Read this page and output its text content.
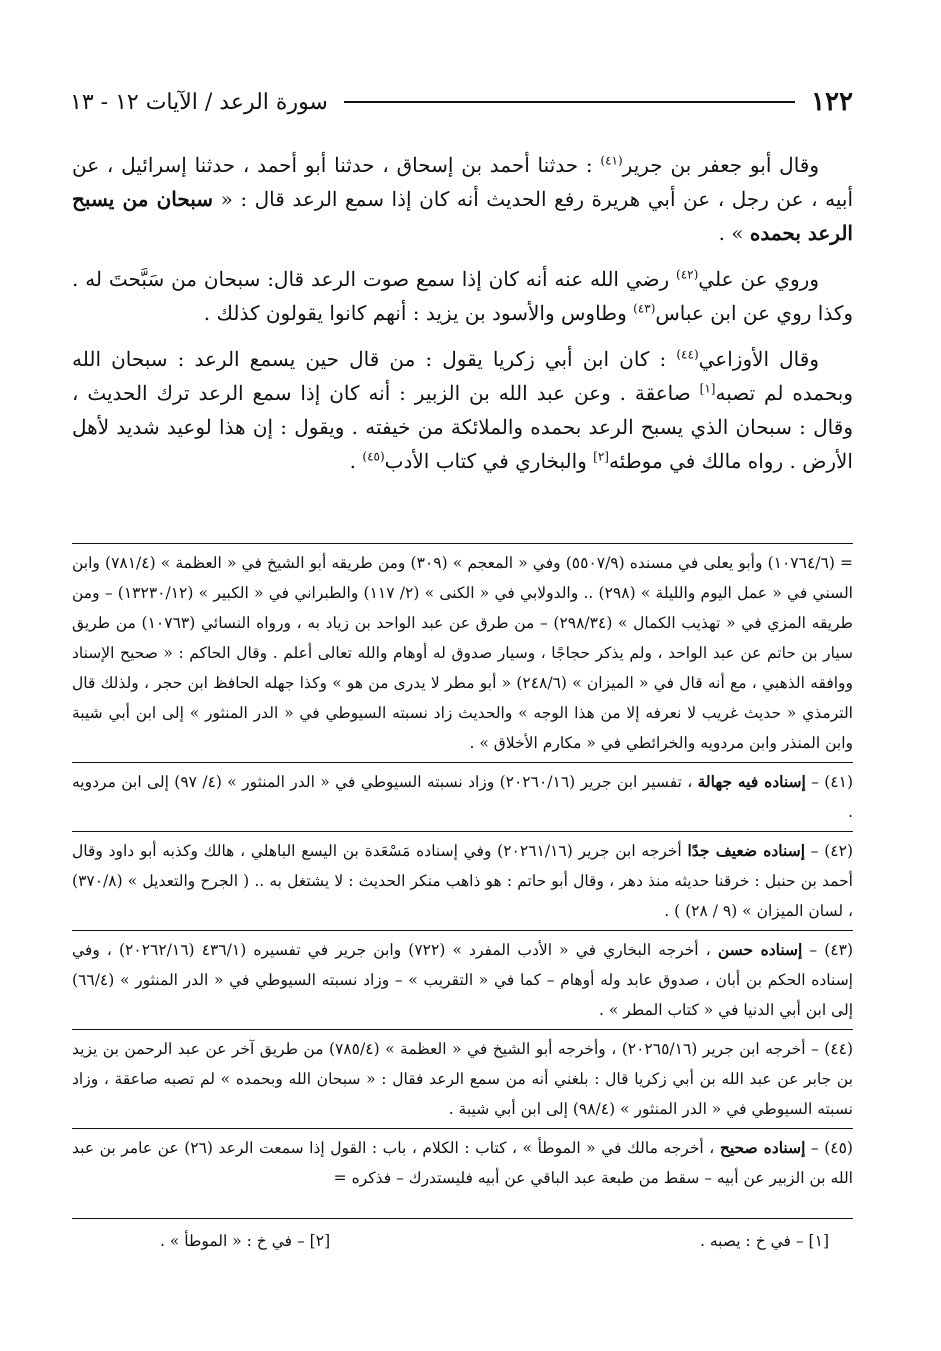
١٢٢
سورة الرعد / الآيات ١٢ - ١٣

وقال أبو جعفر بن جرير$^{(٤١)}$ : حدثنا أحمد بن إسحاق ، حدثنا أبو أحمد ، حدثنا إسرائيل ، عن أبيه ، عن رجل ، عن أبي هريرة رفع الحديث أنه كان إذا سمع الرعد قال : « سبحان من يسبح الرعد بحمده » .

وروي عن علي$^{(٤٢)}$ رضي الله عنه أنه كان إذا سمع صوت الرعد قال: سبحان من سَبَّحتَ له . وكذا روي عن ابن عباس$^{(٤٣)}$ وطاوس والأسود بن يزيد : أنهم كانوا يقولون كذلك .

وقال الأوزاعي$^{(٤٤)}$ : كان ابن أبي زكريا يقول : من قال حين يسمع الرعد : سبحان الله وبحمده لم تصبه[١] صاعقة . وعن عبد الله بن الزبير : أنه كان إذا سمع الرعد ترك الحديث ، وقال : سبحان الذي يسبح الرعد بحمده والملائكة من خيفته . ويقول : إن هذا لوعيد شديد لأهل الأرض . رواه مالك في موطئه[٢] والبخاري في كتاب الأدب$^{(٤٥)}$ .

= (١٠٧٦٤/٦) وأبو يعلى في مسنده (٥٥٠٧/٩) وفي « المعجم » (٣٠٩) ومن طريقه أبو الشيخ في « العظمة » (٧٨١/٤) وابن السني في « عمل اليوم والليلة » (٢٩٨) .. والدولابي في « الكنى » (٢/ ١١٧) والطبراني في « الكبير » (١٣٢٣٠/١٢) – ومن طريقه المزي في « تهذيب الكمال » (٢٩٨/٣٤) – من طرق عن عبد الواحد بن زياد به ، ورواه النسائي (١٠٧٦٣) من طريق سيار بن حاتم عن عبد الواحد ، ولم يذكر حجاجًا ، وسيار صدوق له أوهام والله تعالى أعلم . وقال الحاكم : « صحيح الإسناد ووافقه الذهبي ، مع أنه قال في « الميزان » (٢٤٨/٦) « أبو مطر لا يدرى من هو » وكذا جهله الحافظ ابن حجر ، ولذلك قال الترمذي « حديث غريب لا نعرفه إلا من هذا الوجه » والحديث زاد نسبته السيوطي في « الدر المنثور » إلى ابن أبي شيبة وابن المنذر وابن مردويه والخرائطي في « مكارم الأخلاق » .

(٤١) – إسناده فيه جهالة ، تفسير ابن جرير (٢٠٢٦٠/١٦) وزاد نسبته السيوطي في « الدر المنثور » (٤/ ٩٧) إلى ابن مردويه .

(٤٢) – إسناده ضعيف جدًا أخرجه ابن جرير (٢٠٢٦١/١٦) وفي إسناده مَسْعَدة بن اليسع الباهلي ، هالك وكذبه أبو داود وقال أحمد بن حنبل : خرقنا حديثه منذ دهر ، وقال أبو حاتم : هو ذاهب منكر الحديث : لا يشتغل به .. ( الجرح والتعديل » (٣٧٠/٨) ، لسان الميزان » (٩ / ٢٨) ) .

(٤٣) – إسناده حسن ، أخرجه البخاري في « الأدب المفرد » (٧٢٢) وابن جرير في تفسيره (٤٣٦/١ (٢٠٢٦٢/١٦) ، وفي إسناده الحكم بن أبان ، صدوق عابد وله أوهام – كما في « التقريب » – وزاد نسبته السيوطي في « الدر المنثور » (٦٦/٤) إلى ابن أبي الدنيا في « كتاب المطر » .

(٤٤) – أخرجه ابن جرير (٢٠٢٦٥/١٦) ، وأخرجه أبو الشيخ في « العظمة » (٧٨٥/٤) من طريق آخر عن عبد الرحمن بن يزيد بن جابر عن عبد الله بن أبي زكريا قال : بلغني أنه من سمع الرعد فقال : « سبحان الله وبحمده » لم تصبه صاعقة ، وزاد نسبته السيوطي في « الدر المنثور » (٩٨/٤) إلى ابن أبي شيبة .

(٤٥) – إسناده صحيح ، أخرجه مالك في « الموطأ » ، كتاب : الكلام ، باب : القول إذا سمعت الرعد (٢٦) عن عامر بن عبد الله بن الزبير عن أبيه – سقط من طبعة عبد الباقي عن أبيه فليستدرك – فذكره =

[١] – في خ : يصبه .
[٢] – في خ : « الموطأ » .
